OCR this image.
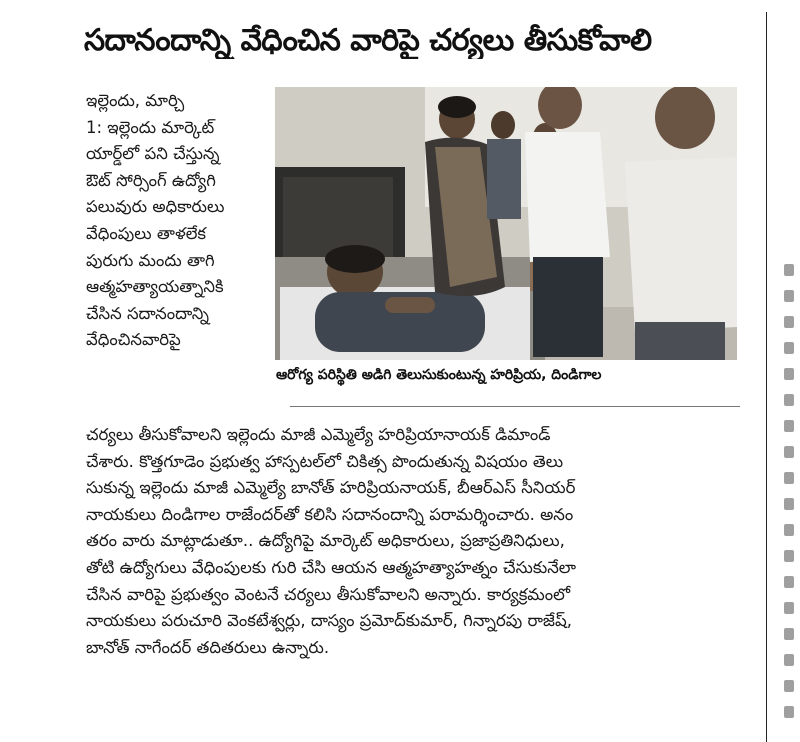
సదానందాన్ని వేధించిన వారిపై చర్యలు తీసుకోవాలి
ఇల్లెందు, మార్చి
1: ఇల్లెందు మార్కెట్
యార్డ్‌లో పని చేస్తున్న
ఔట్ సోర్సింగ్ ఉద్యోగి
పలువురు అధికారులు
వేధింపులు తాళలేక
పురుగు మందు తాగి
ఆత్మహత్యాయత్నానికి
చేసిన సదానందాన్ని
వేధించినవారిపై
ఆరోగ్య పరిస్థితి అడిగి తెలుసుకుంటున్న హరిప్రియ, దిండిగాల
చర్యలు తీసుకోవాలని ఇల్లెందు మాజీ ఎమ్మెల్యే హరిప్రియానాయక్ డిమాండ్
చేశారు. కొత్తగూడెం ప్రభుత్వ హాస్పటల్‌లో చికిత్స పొందుతున్న విషయం తెలు
సుకున్న ఇల్లెందు మాజీ ఎమ్మెల్యే బానోత్ హరిప్రియనాయక్, బీఆర్ఎస్ సీనియర్
నాయకులు దిండిగాల రాజేందర్‌తో కలిసి సదానందాన్ని పరామర్శించారు. అనం
తరం వారు మాట్లాడుతూ.. ఉద్యోగిపై మార్కెట్ అధికారులు, ప్రజాప్రతినిధులు,
తోటి ఉద్యోగులు వేధింపులకు గురి చేసి ఆయన ఆత్మహత్యాహత్నం చేసుకునేలా
చేసిన వారిపై ప్రభుత్వం వెంటనే చర్యలు తీసుకోవాలని అన్నారు. కార్యక్రమంలో
నాయకులు పరుచూరి వెంకటేశ్వర్లు, దాస్యం ప్రమోద్‌కుమార్, గిన్నారపు రాజేష్,
బానోత్ నాగేందర్ తదితరులు ఉన్నారు.
